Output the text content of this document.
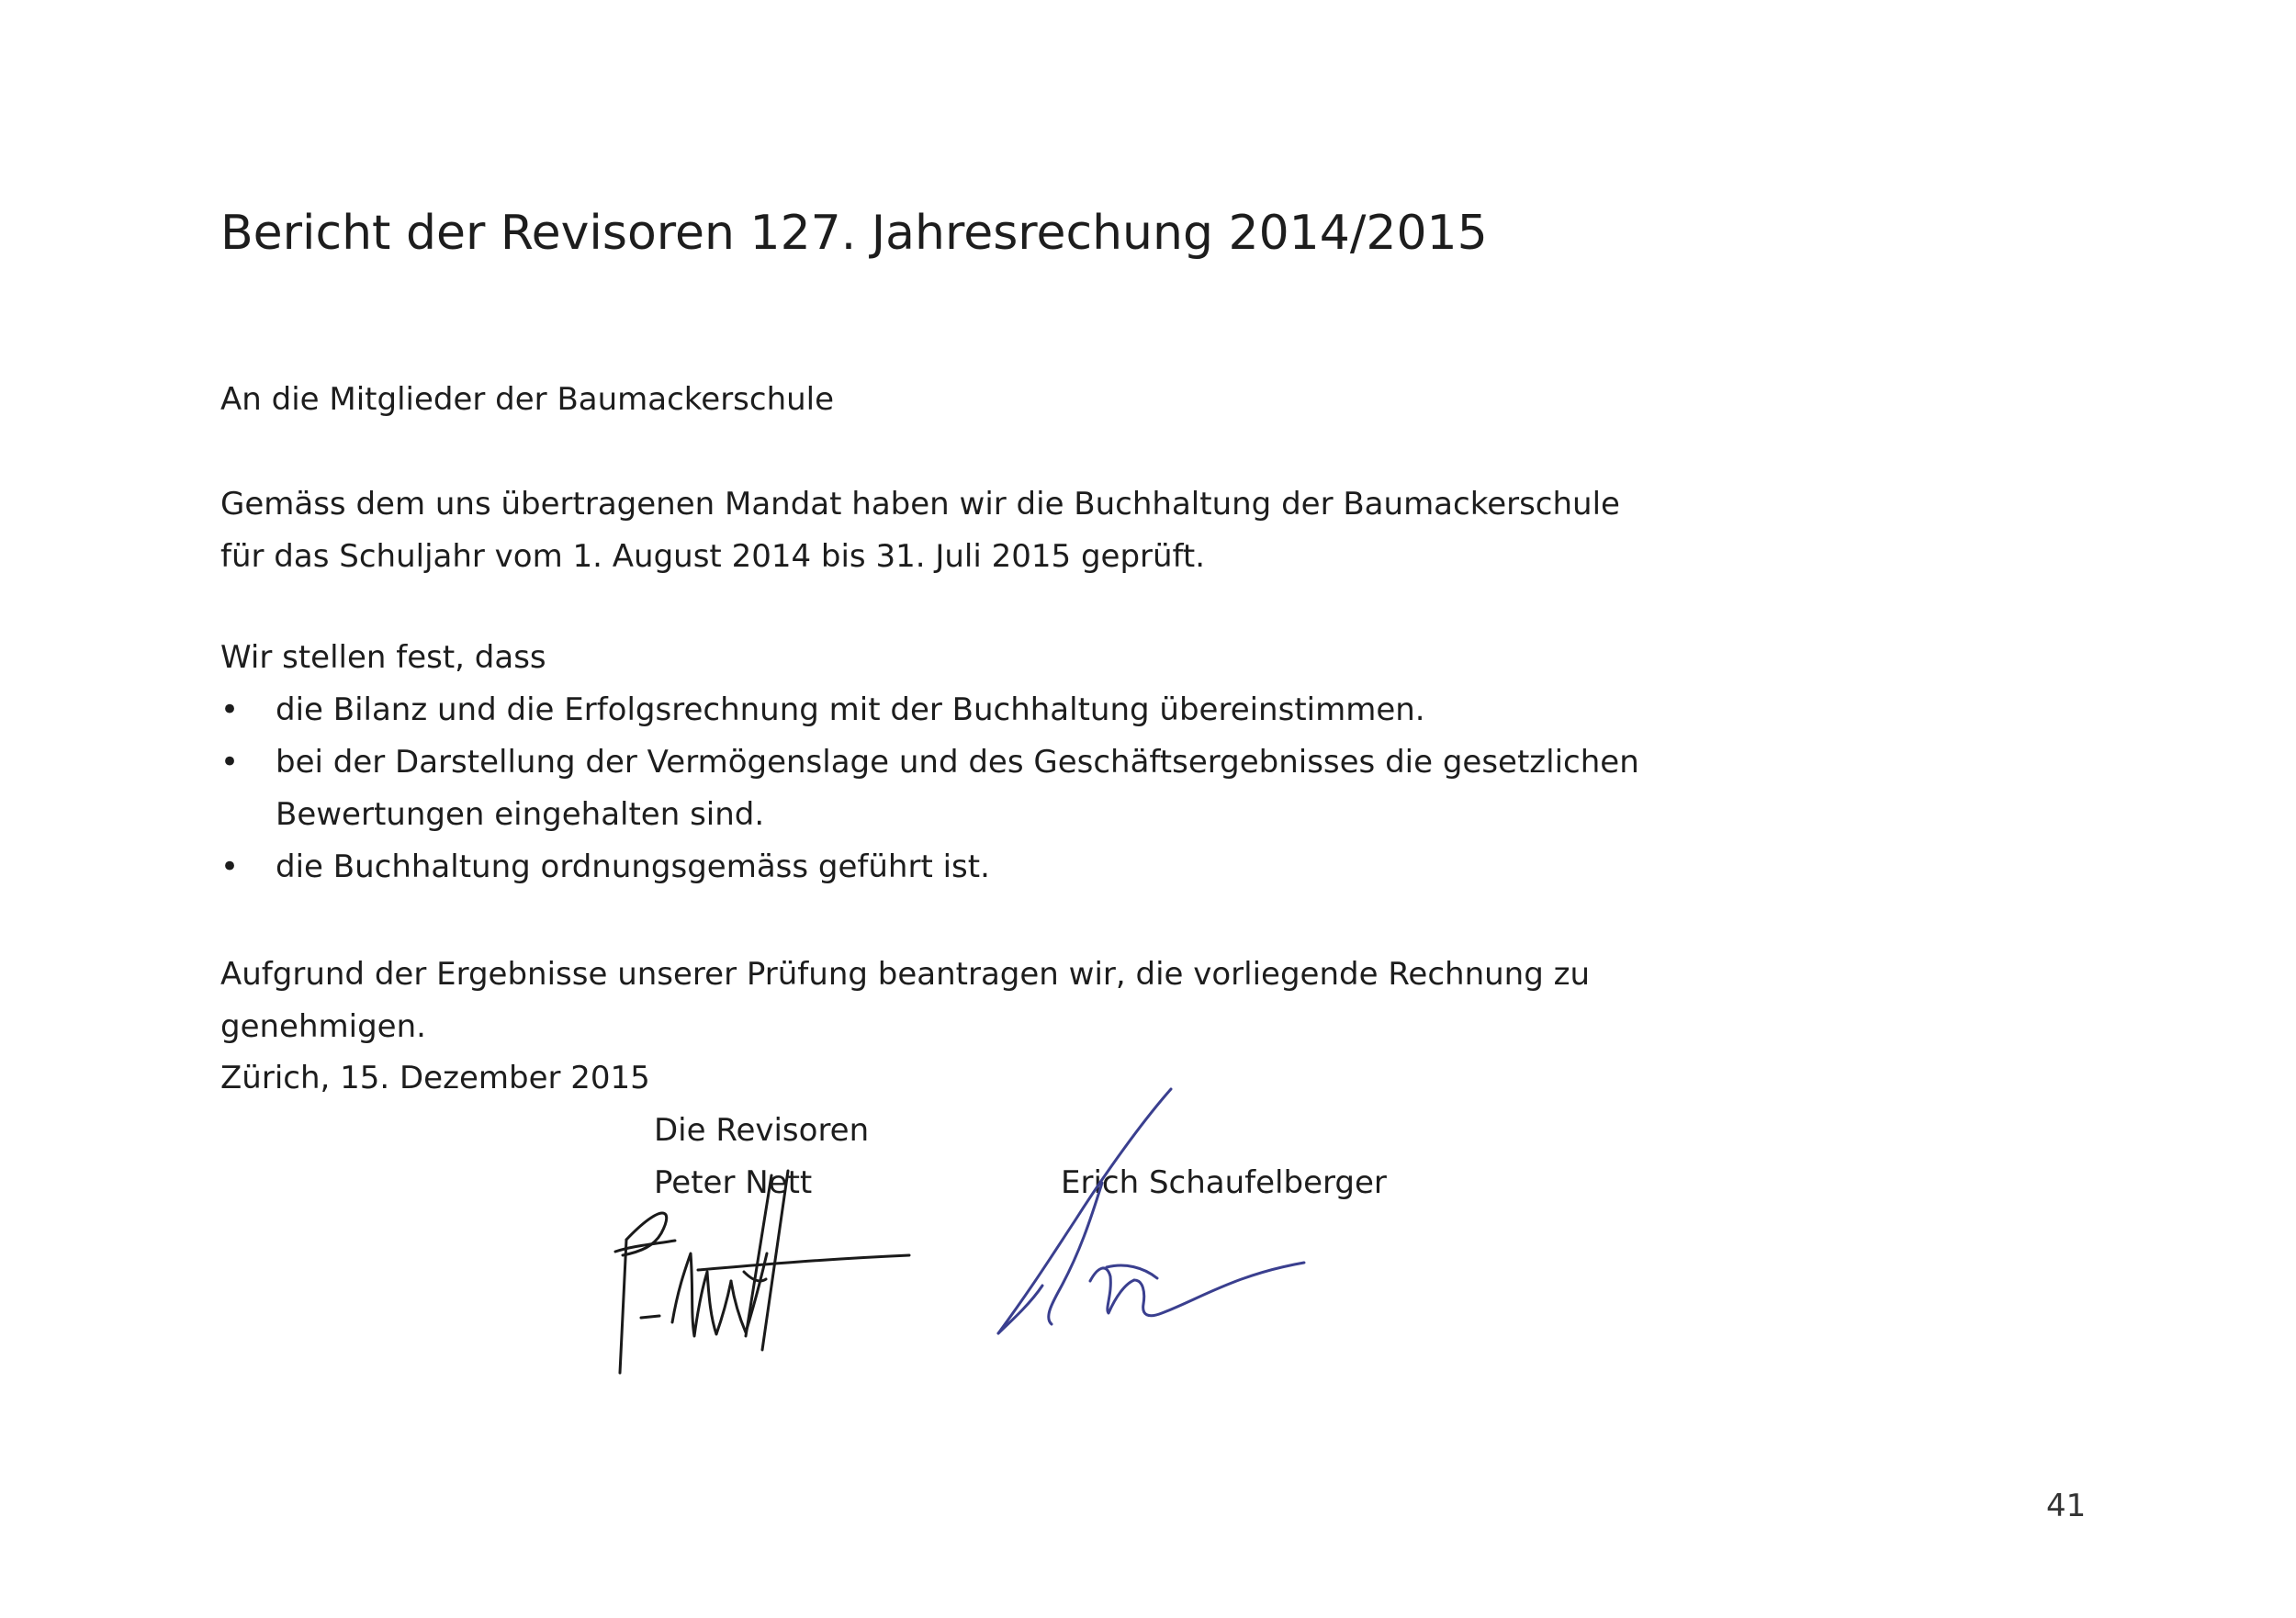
Bericht der Revisoren 127. Jahresrechung 2014/2015

An die Mitglieder der Baumackerschule

Gemäss dem uns übertragenen Mandat haben wir die Buchhaltung der Baumackerschule

für das Schuljahr vom 1. August 2014 bis 31. Juli 2015 geprüft.

Wir stellen fest, dass

• die Bilanz und die Erfolgsrechnung mit der Buchhaltung übereinstimmen.
• bei der Darstellung der Vermögenslage und des Geschäftsergebnisses die gesetzlichen
Bewertungen eingehalten sind.
• die Buchhaltung ordnungsgemäss geführt ist.

Aufgrund der Ergebnisse unserer Prüfung beantragen wir, die vorliegende Rechnung zu

genehmigen.

Zürich, 15. Dezember 2015

Die Revisoren

Peter Nett	Erich Schaufelberger

41
